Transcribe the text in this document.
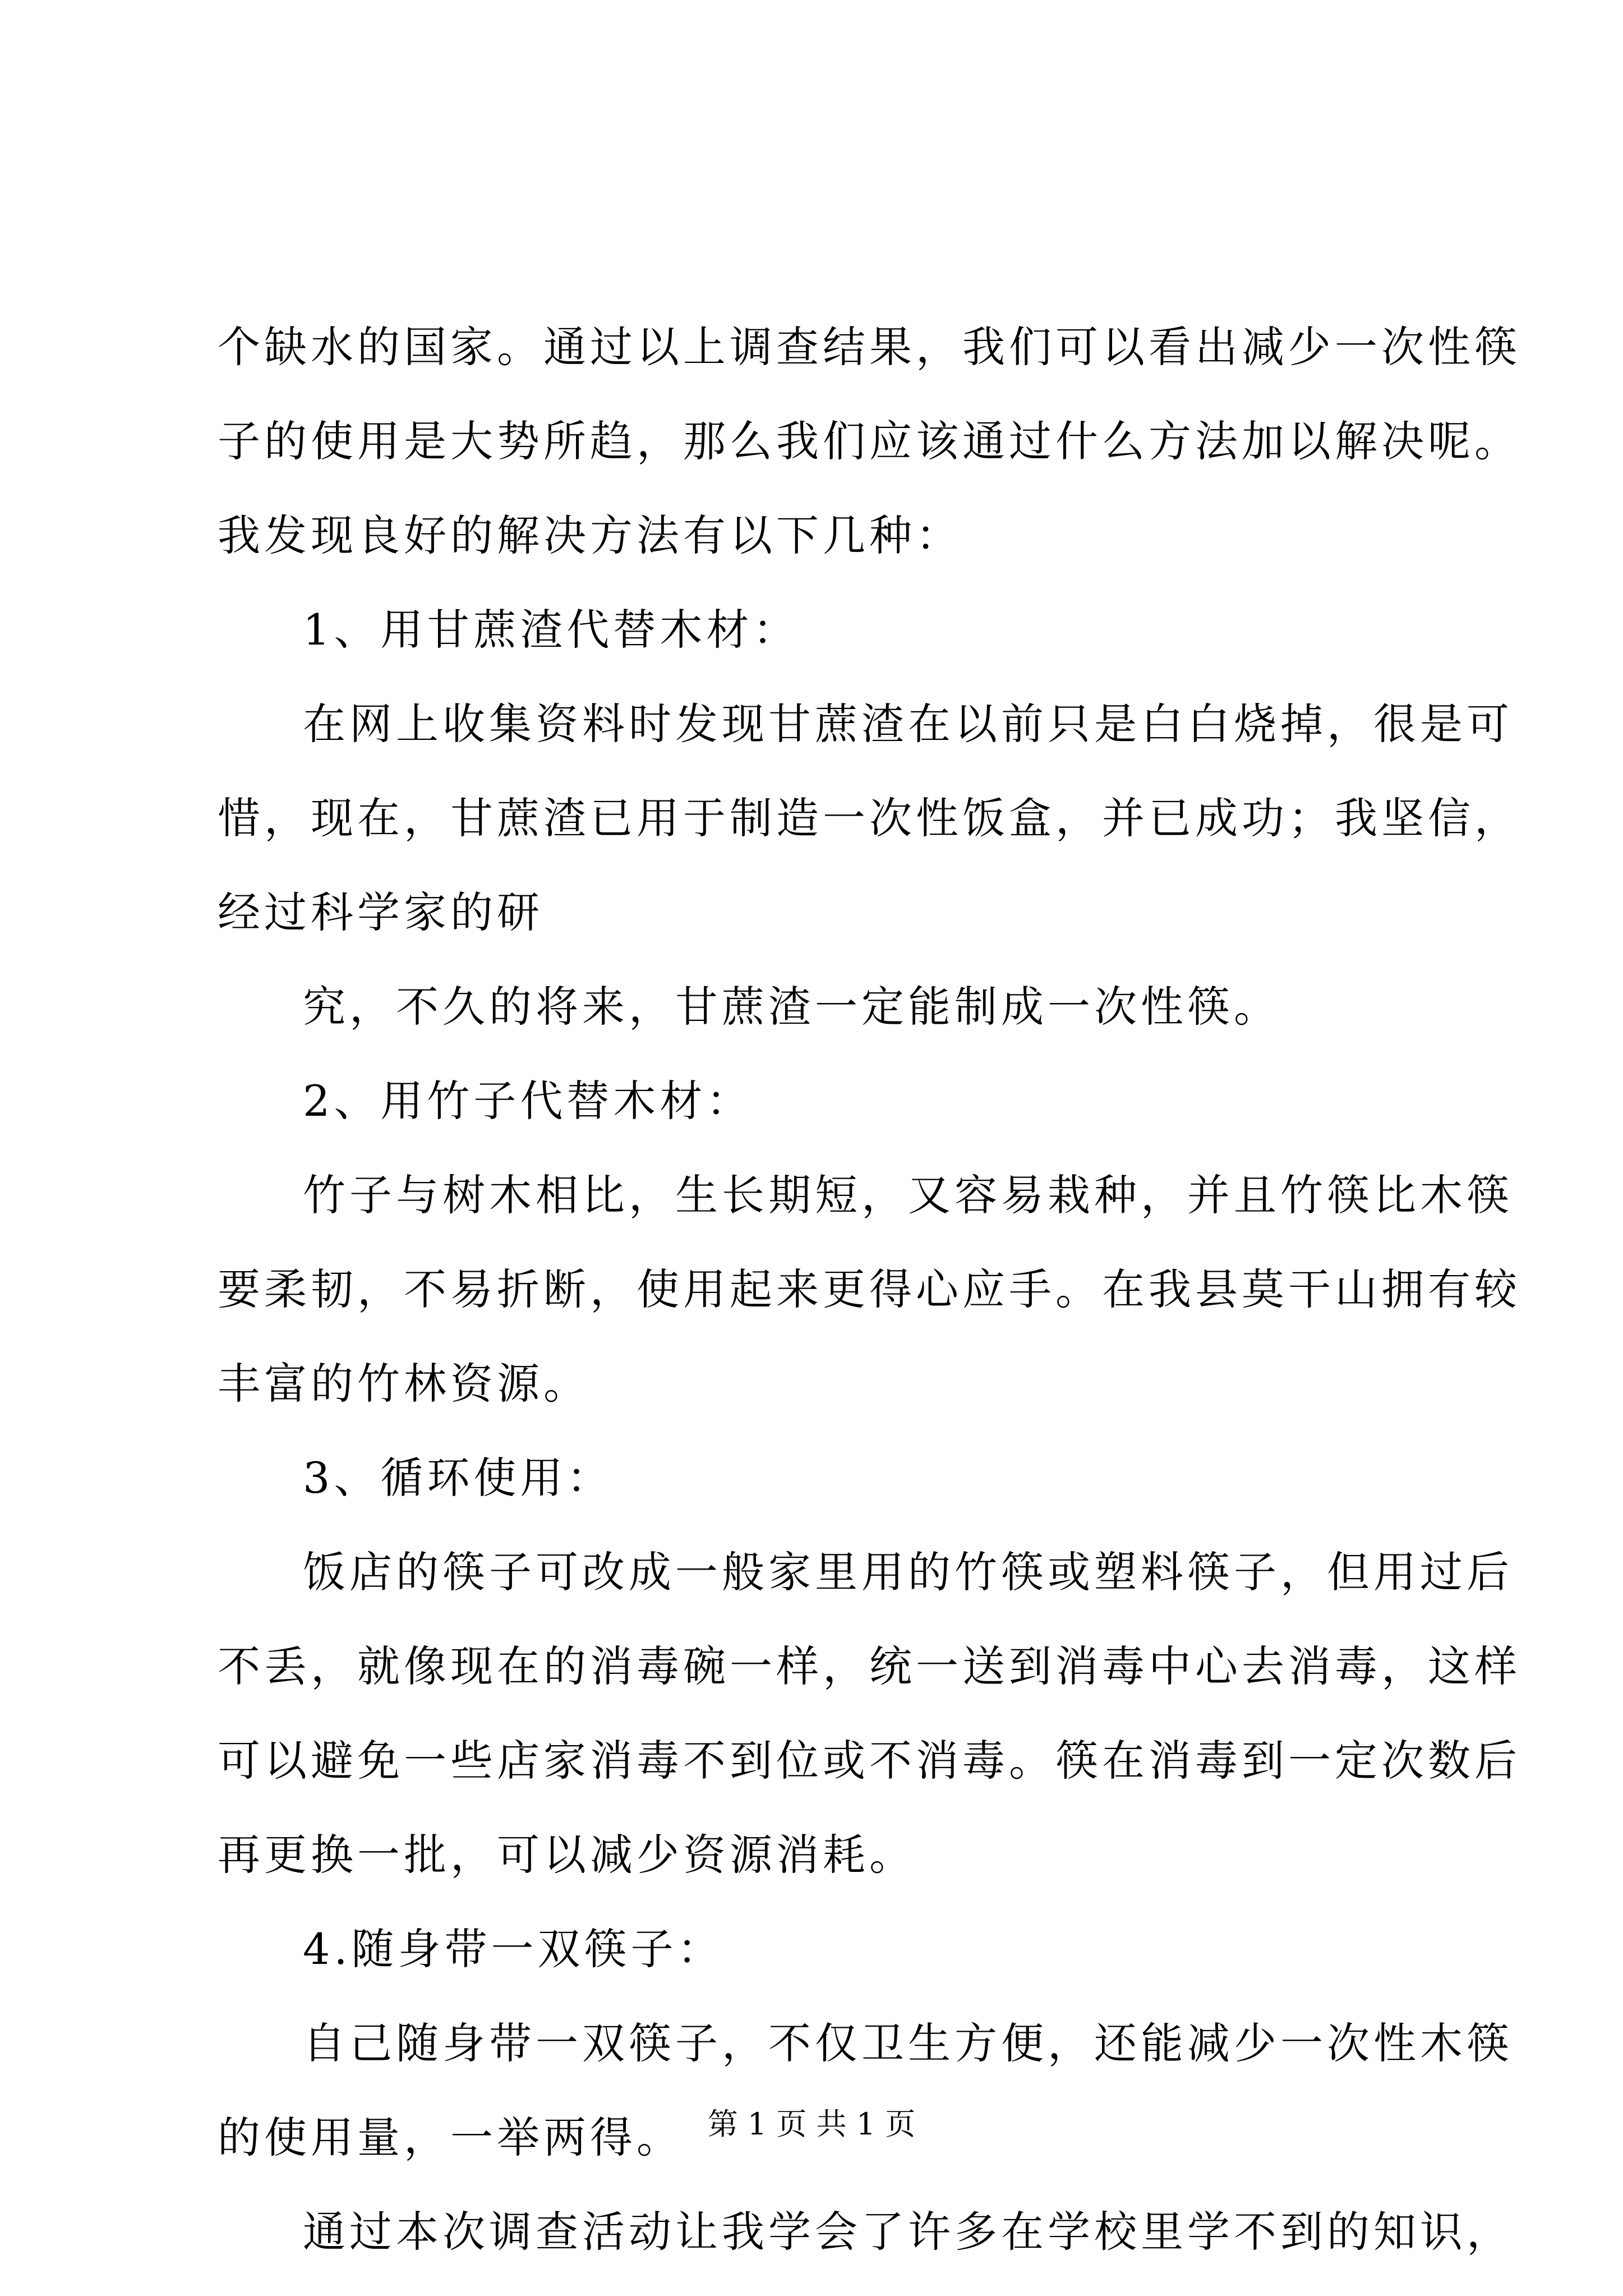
个缺水的国家。通过以上调查结果，我们可以看出减少一次性筷
子的使用是大势所趋，那么我们应该通过什么方法加以解决呢。
我发现良好的解决方法有以下几种：
1、用甘蔗渣代替木材：
在网上收集资料时发现甘蔗渣在以前只是白白烧掉，很是可
惜，现在，甘蔗渣已用于制造一次性饭盒，并已成功；我坚信，
经过科学家的研
究，不久的将来，甘蔗渣一定能制成一次性筷。
2、用竹子代替木材：
竹子与树木相比，生长期短，又容易栽种，并且竹筷比木筷
要柔韧，不易折断，使用起来更得心应手。在我县莫干山拥有较
丰富的竹林资源。
3、循环使用：
饭店的筷子可改成一般家里用的竹筷或塑料筷子，但用过后
不丢，就像现在的消毒碗一样，统一送到消毒中心去消毒，这样
可以避免一些店家消毒不到位或不消毒。筷在消毒到一定次数后
再更换一批，可以减少资源消耗。
4.随身带一双筷子：
自己随身带一双筷子，不仅卫生方便，还能减少一次性木筷
的使用量，一举两得。
通过本次调查活动让我学会了许多在学校里学不到的知识，
第 1 页 共 1 页
